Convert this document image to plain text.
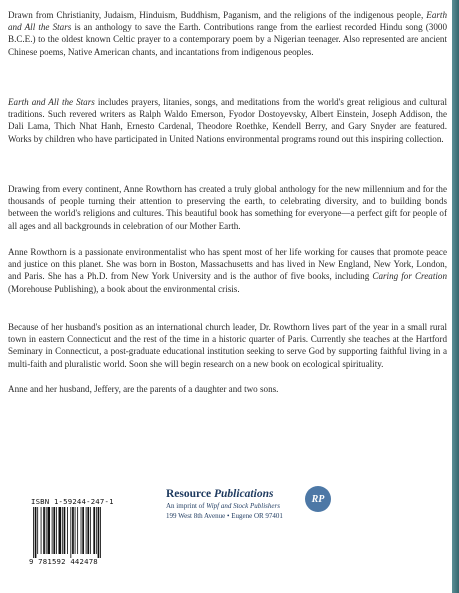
Drawn from Christianity, Judaism, Hinduism, Buddhism, Paganism, and the religions of the indigenous people, Earth and All the Stars is an anthology to save the Earth. Contributions range from the earliest recorded Hindu song (3000 B.C.E.) to the oldest known Celtic prayer to a contemporary poem by a Nigerian teenager. Also represented are ancient Chinese poems, Native American chants, and incantations from indigenous peoples.

Earth and All the Stars includes prayers, litanies, songs, and meditations from the world's great religious and cultural traditions. Such revered writers as Ralph Waldo Emerson, Fyodor Dostoyevsky, Albert Einstein, Joseph Addison, the Dali Lama, Thich Nhat Hanh, Ernesto Cardenal, Theodore Roethke, Kendell Berry, and Gary Snyder are featured. Works by children who have participated in United Nations environmental programs round out this inspiring collection.

Drawing from every continent, Anne Rowthorn has created a truly global anthology for the new millennium and for the thousands of people turning their attention to preserving the earth, to celebrating diversity, and to building bonds between the world's religions and cultures. This beautiful book has something for everyone—a perfect gift for people of all ages and all backgrounds in celebration of our Mother Earth.

Anne Rowthorn is a passionate environmentalist who has spent most of her life working for causes that promote peace and justice on this planet. She was born in Boston, Massachusetts and has lived in New England, New York, London, and Paris. She has a Ph.D. from New York University and is the author of five books, including Caring for Creation (Morehouse Publishing), a book about the environmental crisis.

Because of her husband's position as an international church leader, Dr. Rowthorn lives part of the year in a small rural town in eastern Connecticut and the rest of the time in a historic quarter of Paris. Currently she teaches at the Hartford Seminary in Connecticut, a post-graduate educational institution seeking to serve God by supporting faithful living in a multi-faith and pluralistic world. Soon she will begin research on a new book on ecological spirituality.

Anne and her husband, Jeffery, are the parents of a daughter and two sons.

ISBN 1-59244-247-1
9 781592 442478
Resource Publications
An imprint of Wipf and Stock Publishers
199 West 8th Avenue • Eugene OR 97401
RP
